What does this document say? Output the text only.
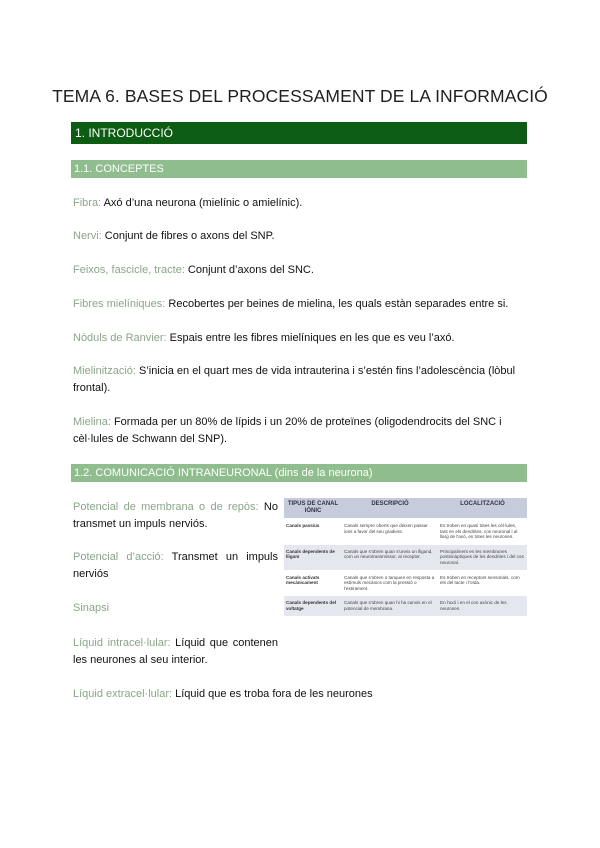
TEMA 6. BASES DEL PROCESSAMENT DE LA INFORMACIÓ
1. INTRODUCCIÓ
1.1. CONCEPTES
Fibra: Axó d’una neurona (mielínic o amielínic).
Nervi: Conjunt de fibres o axons del SNP.
Feixos, fascicle, tracte: Conjunt d’axons del SNC.
Fibres mielíniques: Recobertes per beines de mielina, les quals estàn separades entre si.
Nòduls de Ranvier: Espais entre les fibres mielíniques en les que es veu l’axó.
Mielinització: S’inicia en el quart mes de vida intrauterina i s’estén fins l’adolescència (lòbul frontal).
Mielina: Formada per un 80% de lípids i un 20% de proteïnes (oligodendrocits del SNC i cèl·lules de Schwann del SNP).
1.2. COMUNICACIÓ INTRANEURONAL (dins de la neurona)
Potencial de membrana o de repòs: No transmet un impuls nerviós.
Potencial d’acció: Transmet un impuls nerviós
Sinapsi
Líquid intracel·lular: Líquid que contenen les neurones al seu interior.
Líquid extracel·lular: Líquid que es troba fora de les neurones
TIPUS DE CANAL IÒNIC	DESCRIPCIÓ	LOCALITZACIÓ
Canals passius	Canals sempre oberts que deixen passar ions a favor del seu gradient.	Es troben en quasi totes les cèl·lules, tant en els dendrites, cos neuronal i al llarg de l'axó, en totes les neurones.
Canals dependents de lligam	Canals que s'obren quan s'uneix un lligand, com un neurotransmissor, al receptor.	Principalment en les membranes postsinàptiques de les dendrites i del cos neuronal.
Canals activats mecànicament	Canals que s'obren o tanquen en resposta a estímuls mecànics com la pressió o l'estirament.	Es troben en receptors sensorials, com els del tacte i l'oïda.
Canals dependents del voltatge	Canals que s'obren quan hi ha canvis en el potencial de membrana.	En l'axó i en el con axònic de les neurones.
